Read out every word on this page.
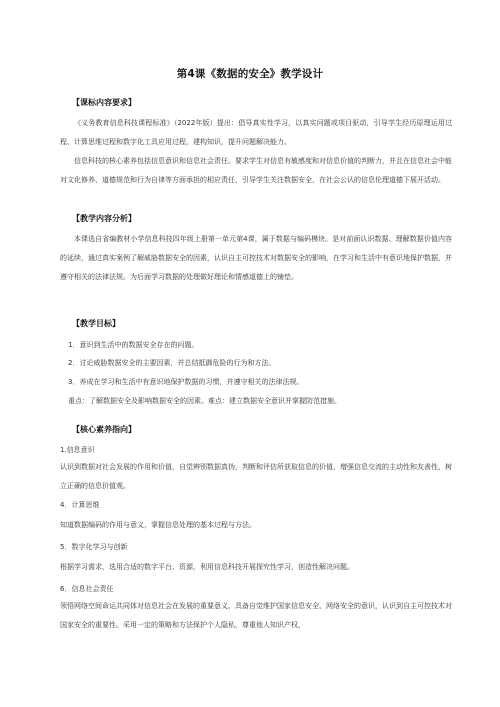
第4课《数据的安全》教学设计
【课标内容要求】
《义务教育信息科技课程标准》（2022年版）提出：倡导真实性学习，以真实问题或项目驱动，引导学生经历原理运用过程、计算思维过程和数字化工具应用过程，建构知识，提升问题解决能力。
信息科技的核心素养包括信息意识和信息社会责任。要求学生对信息有敏感度和对信息价值的判断力，并且在信息社会中能对文化修养、道德规范和行为自律等方面承担的相应责任，引导学生关注数据安全，在社会公认的信息伦理道德下展开活动。
【教学内容分析】
本课选自省编教材小学信息科技四年级上册第一单元第4课，属于数据与编码模块。是对前面认识数据、理解数据价值内容的延续，通过真实案例了解威胁数据安全的因素，认识自主可控技术对数据安全的影响，在学习和生活中有意识地保护数据，并遵守相关的法律法规。为后面学习数据的处理做好理论和情感道德上的铺垫。
【教学目标】
1．意识到生活中的数据安全存在的问题。
2．讨论威胁数据安全的主要因素，并总结抵御危险的行为和方法。
3．养成在学习和生活中有意识地保护数据的习惯，并遵守相关的法律法规。
重点：了解数据安全及影响数据安全的因素。难点：建立数据安全意识并掌握防范措施。
【核心素养指向】
1.信息意识
认识到数据对社会发展的作用和价值，自觉辨别数据真伪，判断和评估所获取信息的价值，增强信息交流的主动性和友善性，树立正确的信息价值观。
4．计算思维
知道数据编码的作用与意义，掌握信息处理的基本过程与方法。
5．数字化学习与创新
根据学习需求，选用合适的数字平台、资源，利用信息科技开展探究性学习，创造性解决问题。
6．信息社会责任
领悟网络空间命运共同体对信息社会在发展的重要意义，具备自觉维护国家信息安全、网络安全的意识，认识到自主可控技术对国家安全的重要性。采用一定的策略和方法保护个人隐私，尊重他人知识产权，
